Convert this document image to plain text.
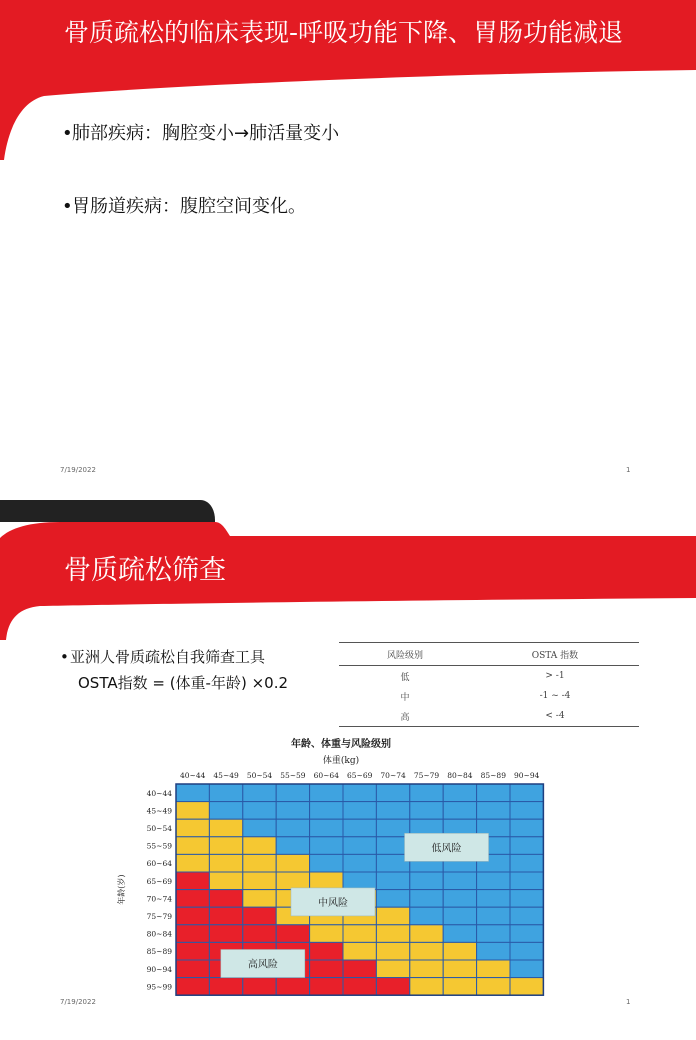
骨质疏松的临床表现-呼吸功能下降、胃肠功能减退
•肺部疾病：胸腔变小→肺活量变小
•胃肠道疾病：腹腔空间变化。
7/19/2022	1
骨质疏松筛查
•亚洲人骨质疏松自我筛查工具
OSTA指数 = (体重-年龄) ×0.2
风险级别	OSTA 指数
低	> -1
中	-1 ~ -4
高	< -4
年龄、体重与风险级别
体重(kg)
40~44 45~49 50~54 55~59 60~64 65~69 70~74 75~79 80~84 85~89 90~94
40~44
45~49
50~54
55~59
60~64
65~69
70~74
75~79
80~84
85~89
90~94
95~99
年龄(岁)
低风险
中风险
高风险
7/19/2022	1
